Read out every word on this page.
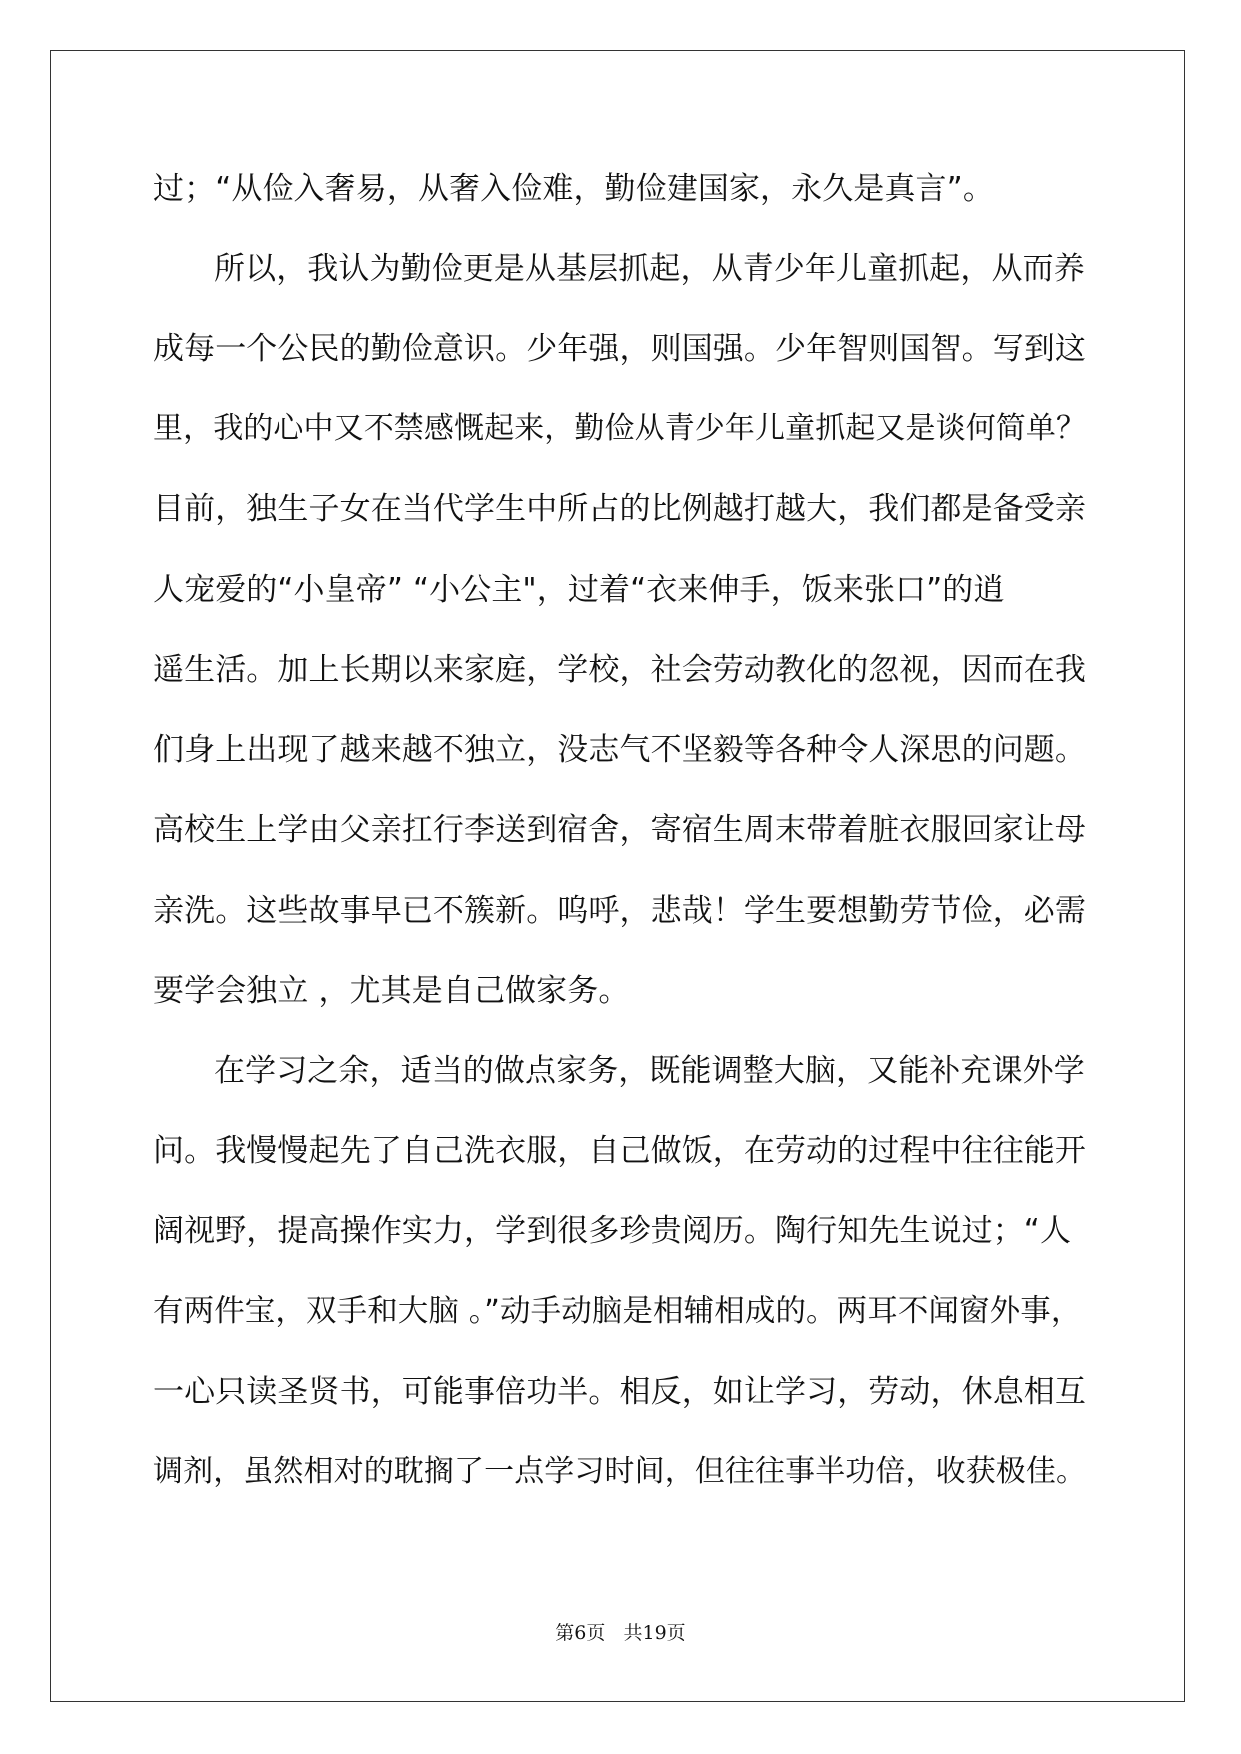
过；“从俭入奢易，从奢入俭难，勤俭建国家，永久是真言”。
所以，我认为勤俭更是从基层抓起，从青少年儿童抓起，从而养
成每一个公民的勤俭意识。少年强，则国强。少年智则国智。写到这
里，我的心中又不禁感慨起来，勤俭从青少年儿童抓起又是谈何简单？
目前，独生子女在当代学生中所占的比例越打越大，我们都是备受亲
人宠爱的“小皇帝” “小公主"，过着“衣来伸手，饭来张口”的逍
遥生活。加上长期以来家庭，学校，社会劳动教化的忽视，因而在我
们身上出现了越来越不独立，没志气不坚毅等各种令人深思的问题。
高校生上学由父亲扛行李送到宿舍，寄宿生周末带着脏衣服回家让母
亲洗。这些故事早已不簇新。呜呼，悲哉！学生要想勤劳节俭，必需
要学会独立 ，尤其是自己做家务。
在学习之余，适当的做点家务，既能调整大脑，又能补充课外学
问。我慢慢起先了自己洗衣服，自己做饭，在劳动的过程中往往能开
阔视野，提高操作实力，学到很多珍贵阅历。陶行知先生说过；“人
有两件宝，双手和大脑 。”动手动脑是相辅相成的。两耳不闻窗外事，
一心只读圣贤书，可能事倍功半。相反，如让学习，劳动，休息相互
调剂，虽然相对的耽搁了一点学习时间，但往往事半功倍，收获极佳。
第6页   共19页
